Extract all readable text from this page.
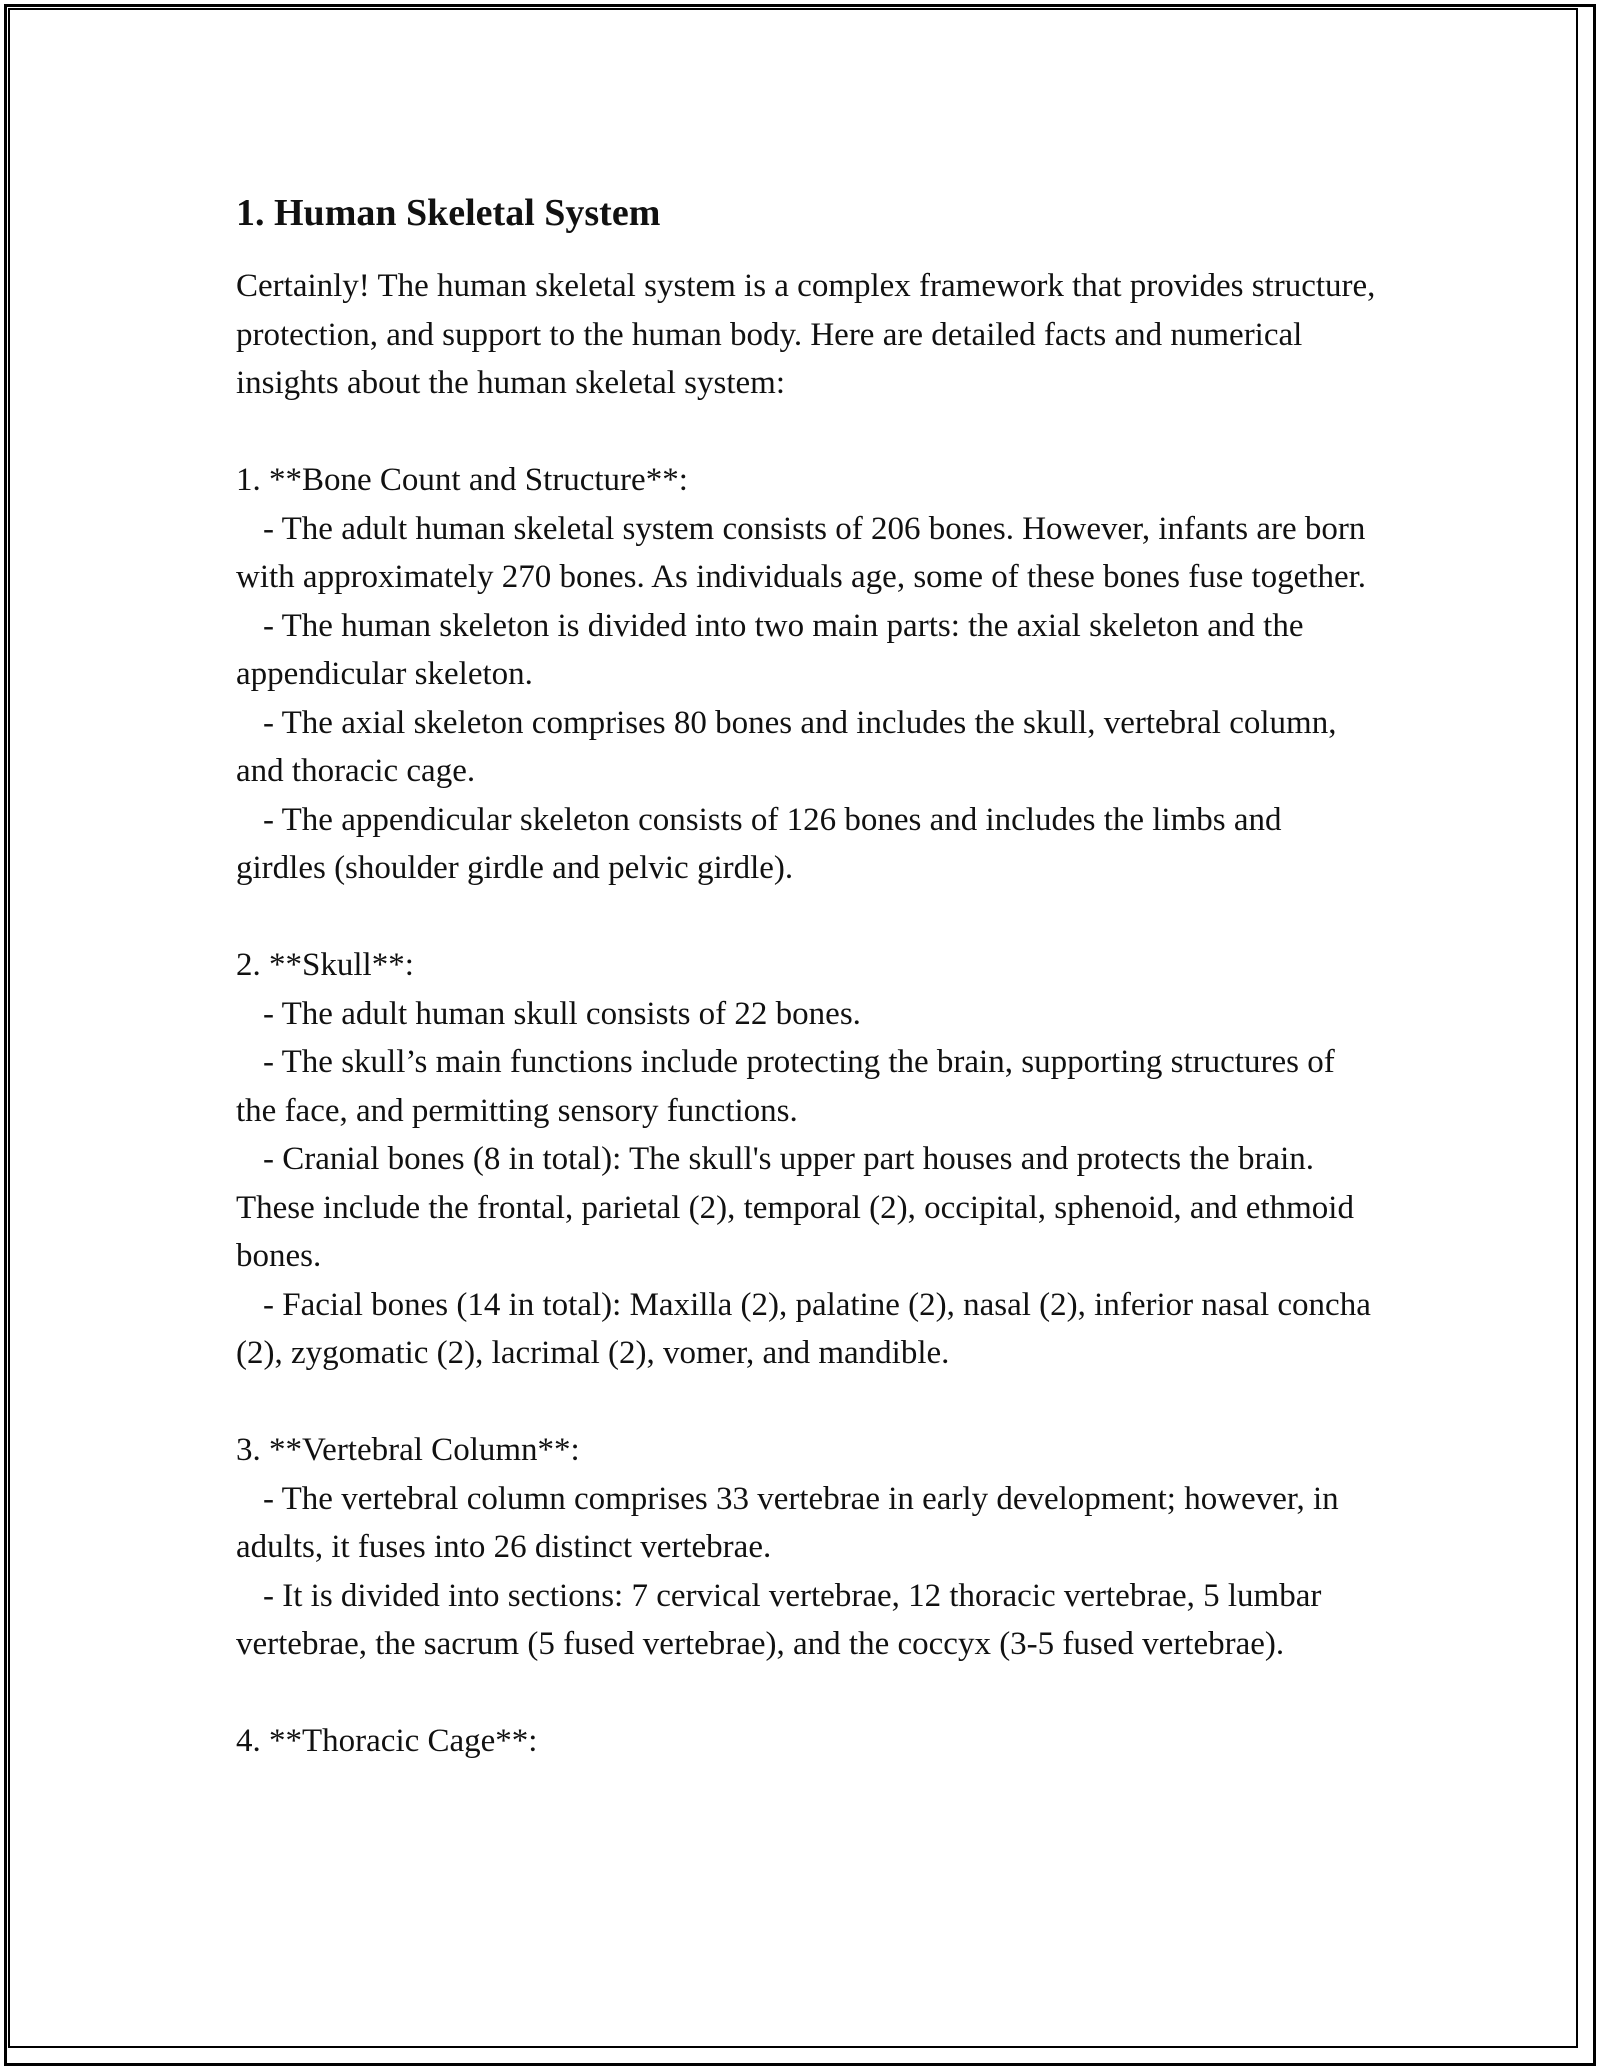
1. Human Skeletal System

Certainly! The human skeletal system is a complex framework that provides structure, protection, and support to the human body. Here are detailed facts and numerical insights about the human skeletal system:

1. **Bone Count and Structure**:

- The adult human skeletal system consists of 206 bones. However, infants are born with approximately 270 bones. As individuals age, some of these bones fuse together.

- The human skeleton is divided into two main parts: the axial skeleton and the appendicular skeleton.

- The axial skeleton comprises 80 bones and includes the skull, vertebral column, and thoracic cage.

- The appendicular skeleton consists of 126 bones and includes the limbs and girdles (shoulder girdle and pelvic girdle).

2. **Skull**:

- The adult human skull consists of 22 bones.

- The skull’s main functions include protecting the brain, supporting structures of the face, and permitting sensory functions.

- Cranial bones (8 in total): The skull's upper part houses and protects the brain. These include the frontal, parietal (2), temporal (2), occipital, sphenoid, and ethmoid bones.

- Facial bones (14 in total): Maxilla (2), palatine (2), nasal (2), inferior nasal concha (2), zygomatic (2), lacrimal (2), vomer, and mandible.

3. **Vertebral Column**:

- The vertebral column comprises 33 vertebrae in early development; however, in adults, it fuses into 26 distinct vertebrae.

- It is divided into sections: 7 cervical vertebrae, 12 thoracic vertebrae, 5 lumbar vertebrae, the sacrum (5 fused vertebrae), and the coccyx (3-5 fused vertebrae).

4. **Thoracic Cage**:
